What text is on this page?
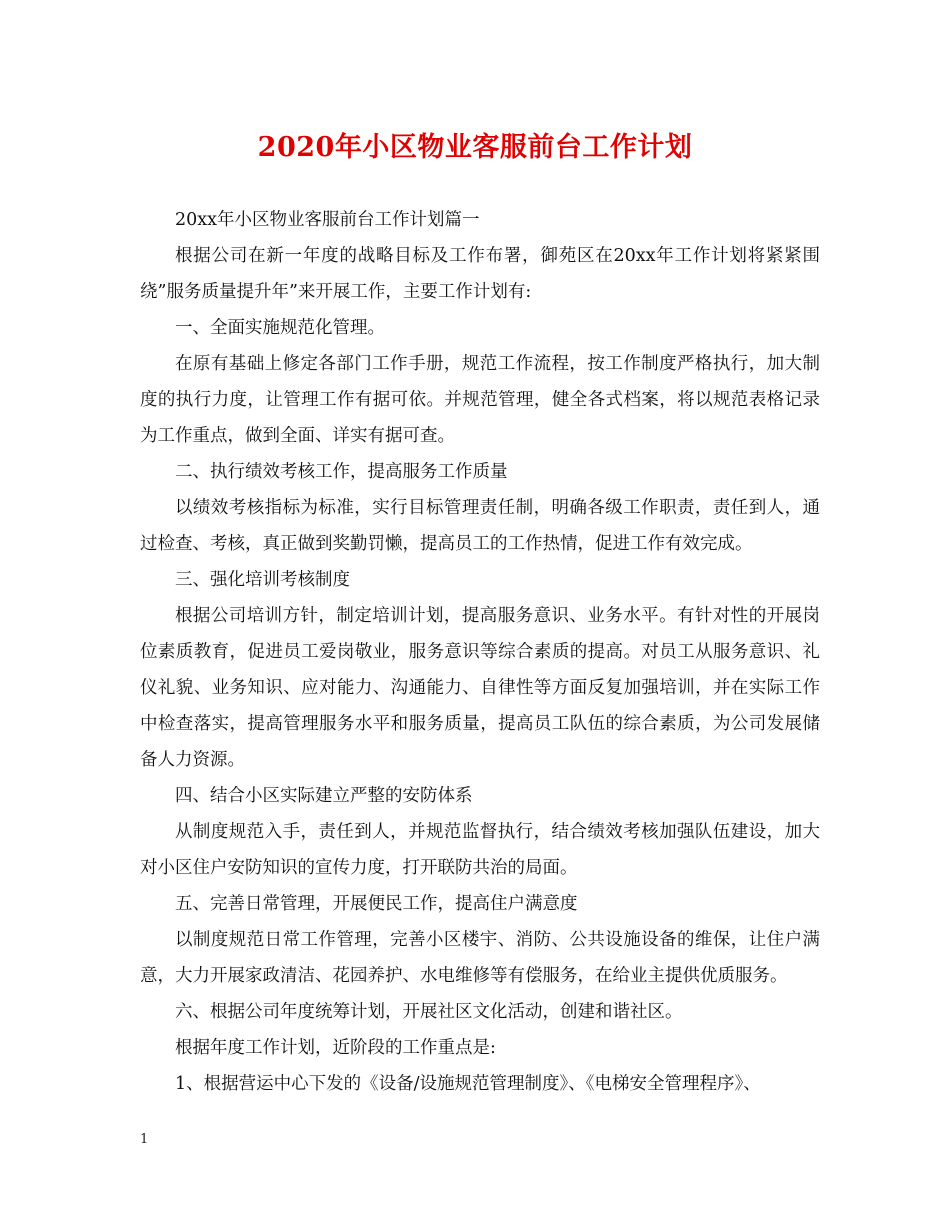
2020年小区物业客服前台工作计划

20xx年小区物业客服前台工作计划篇一

根据公司在新一年度的战略目标及工作布署，御苑区在20xx年工作计划将紧紧围绕”服务质量提升年”来开展工作，主要工作计划有:

一、全面实施规范化管理。

在原有基础上修定各部门工作手册，规范工作流程，按工作制度严格执行，加大制度的执行力度，让管理工作有据可依。并规范管理，健全各式档案，将以规范表格记录为工作重点，做到全面、详实有据可查。

二、执行绩效考核工作，提高服务工作质量

以绩效考核指标为标准，实行目标管理责任制，明确各级工作职责，责任到人，通过检查、考核，真正做到奖勤罚懒，提高员工的工作热情，促进工作有效完成。

三、强化培训考核制度

根据公司培训方针，制定培训计划，提高服务意识、业务水平。有针对性的开展岗位素质教育，促进员工爱岗敬业，服务意识等综合素质的提高。对员工从服务意识、礼仪礼貌、业务知识、应对能力、沟通能力、自律性等方面反复加强培训，并在实际工作中检查落实，提高管理服务水平和服务质量，提高员工队伍的综合素质，为公司发展储备人力资源。

四、结合小区实际建立严整的安防体系

从制度规范入手，责任到人，并规范监督执行，结合绩效考核加强队伍建设，加大对小区住户安防知识的宣传力度，打开联防共治的局面。

五、完善日常管理，开展便民工作，提高住户满意度

以制度规范日常工作管理，完善小区楼宇、消防、公共设施设备的维保，让住户满意，大力开展家政清洁、花园养护、水电维修等有偿服务，在给业主提供优质服务。

六、根据公司年度统筹计划，开展社区文化活动，创建和谐社区。

根据年度工作计划，近阶段的工作重点是:

1、根据营运中心下发的《设备/设施规范管理制度》、《电梯安全管理程序》、

1
